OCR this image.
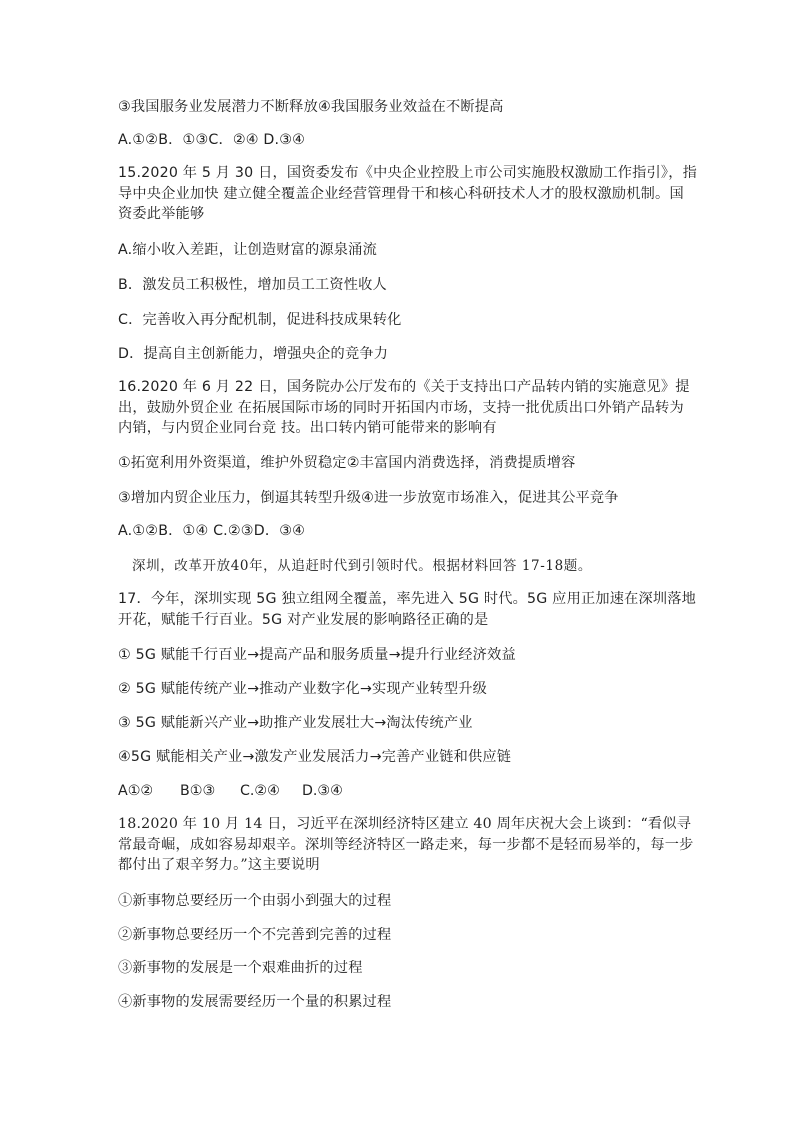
③我国服务业发展潜力不断释放④我国服务业效益在不断提高
A.①②B．①③C．②④ D.③④
15.2020 年 5 月 30 日，国资委发布《中央企业控股上市公司实施股权激励工作指引》，指导中央企业加快 建立健全覆盖企业经营管理骨干和核心科研技术人才的股权激励机制。国资委此举能够
A.缩小收入差距，让创造财富的源泉涌流
B．激发员工积极性，增加员工工资性收人
C．完善收入再分配机制，促进科技成果转化
D．提高自主创新能力，增强央企的竞争力
16.2020 年 6 月 22 日，国务院办公厅发布的《关于支持出口产品转内销的实施意见》提出，鼓励外贸企业 在拓展国际市场的同时开拓国内市场，支持一批优质出口外销产品转为内销，与内贸企业同台竞 技。出口转内销可能带来的影响有
①拓宽利用外资渠道，维护外贸稳定②丰富国内消费选择，消费提质增容
③增加内贸企业压力，倒逼其转型升级④进一步放宽市场准入，促进其公平竞争
A.①②B．①④ C.②③D．③④
深圳，改革开放40年，从追赶时代到引领时代。根据材料回答 17-18题。
17．今年，深圳实现 5G 独立组网全覆盖，率先进入 5G 时代。5G 应用正加速在深圳落地开花，赋能千行百业。5G 对产业发展的影响路径正确的是
① 5G 赋能千行百业→提高产品和服务质量→提升行业经济效益
② 5G 赋能传统产业→推动产业数字化→实现产业转型升级
③ 5G 赋能新兴产业→助推产业发展壮大→淘汰传统产业
④5G 赋能相关产业→激发产业发展活力→完善产业链和供应链
A①② B①③ C.②④ D.③④
18.2020 年 10 月 14 日，习近平在深圳经济特区建立 40 周年庆祝大会上谈到：“看似寻常最奇崛，成如容易却艰辛。深圳等经济特区一路走来，每一步都不是轻而易举的，每一步都付出了艰辛努力。”这主要说明
①新事物总要经历一个由弱小到强大的过程
②新事物总要经历一个不完善到完善的过程
③新事物的发展是一个艰难曲折的过程
④新事物的发展需要经历一个量的积累过程
